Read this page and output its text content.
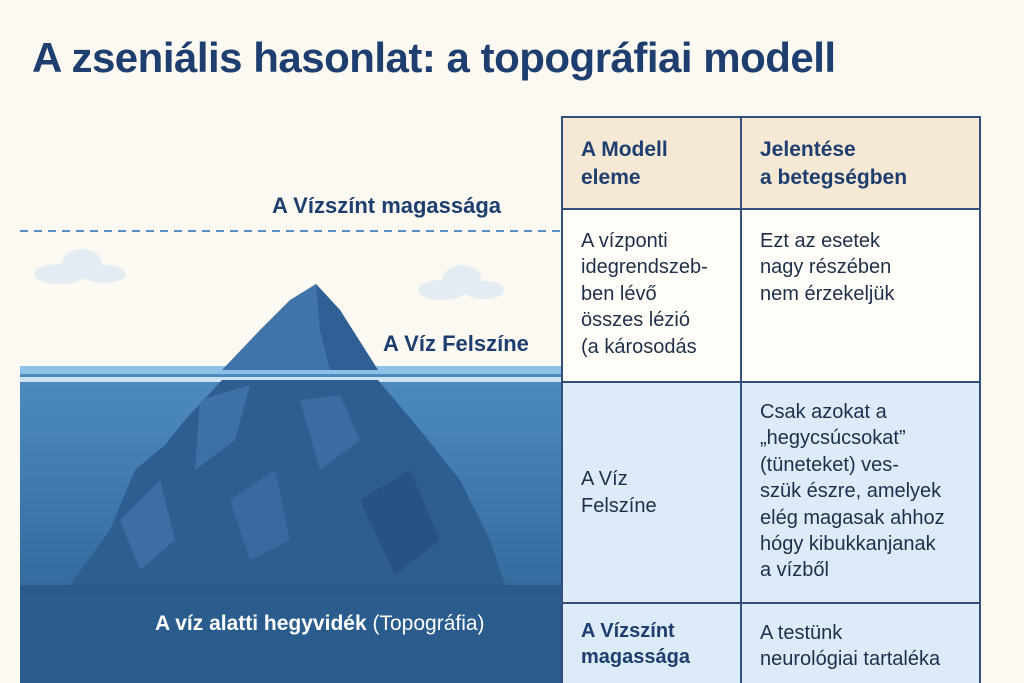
A zseniális hasonlat: a topográfiai modell
A Vízszínt magassága
A Víz Felszíne
A víz alatti hegyvidék (Topográfia)
A Modell
eleme
Jelentése
a betegségben
A vízponti
idegrendszeb-
ben lévő
összes lézió
(a károsodás
Ezt az esetek
nagy részében
nem érzekeljük
A Víz
Felszíne
Csak azokat a
„hegycsúcsokat”
(tüneteket) ves-
szük észre, amelyek
elég magasak ahhoz
hógy kibukkanjanak
a vízből
A Vízszínt
magassága
A testünk
neurológiai tartaléka
